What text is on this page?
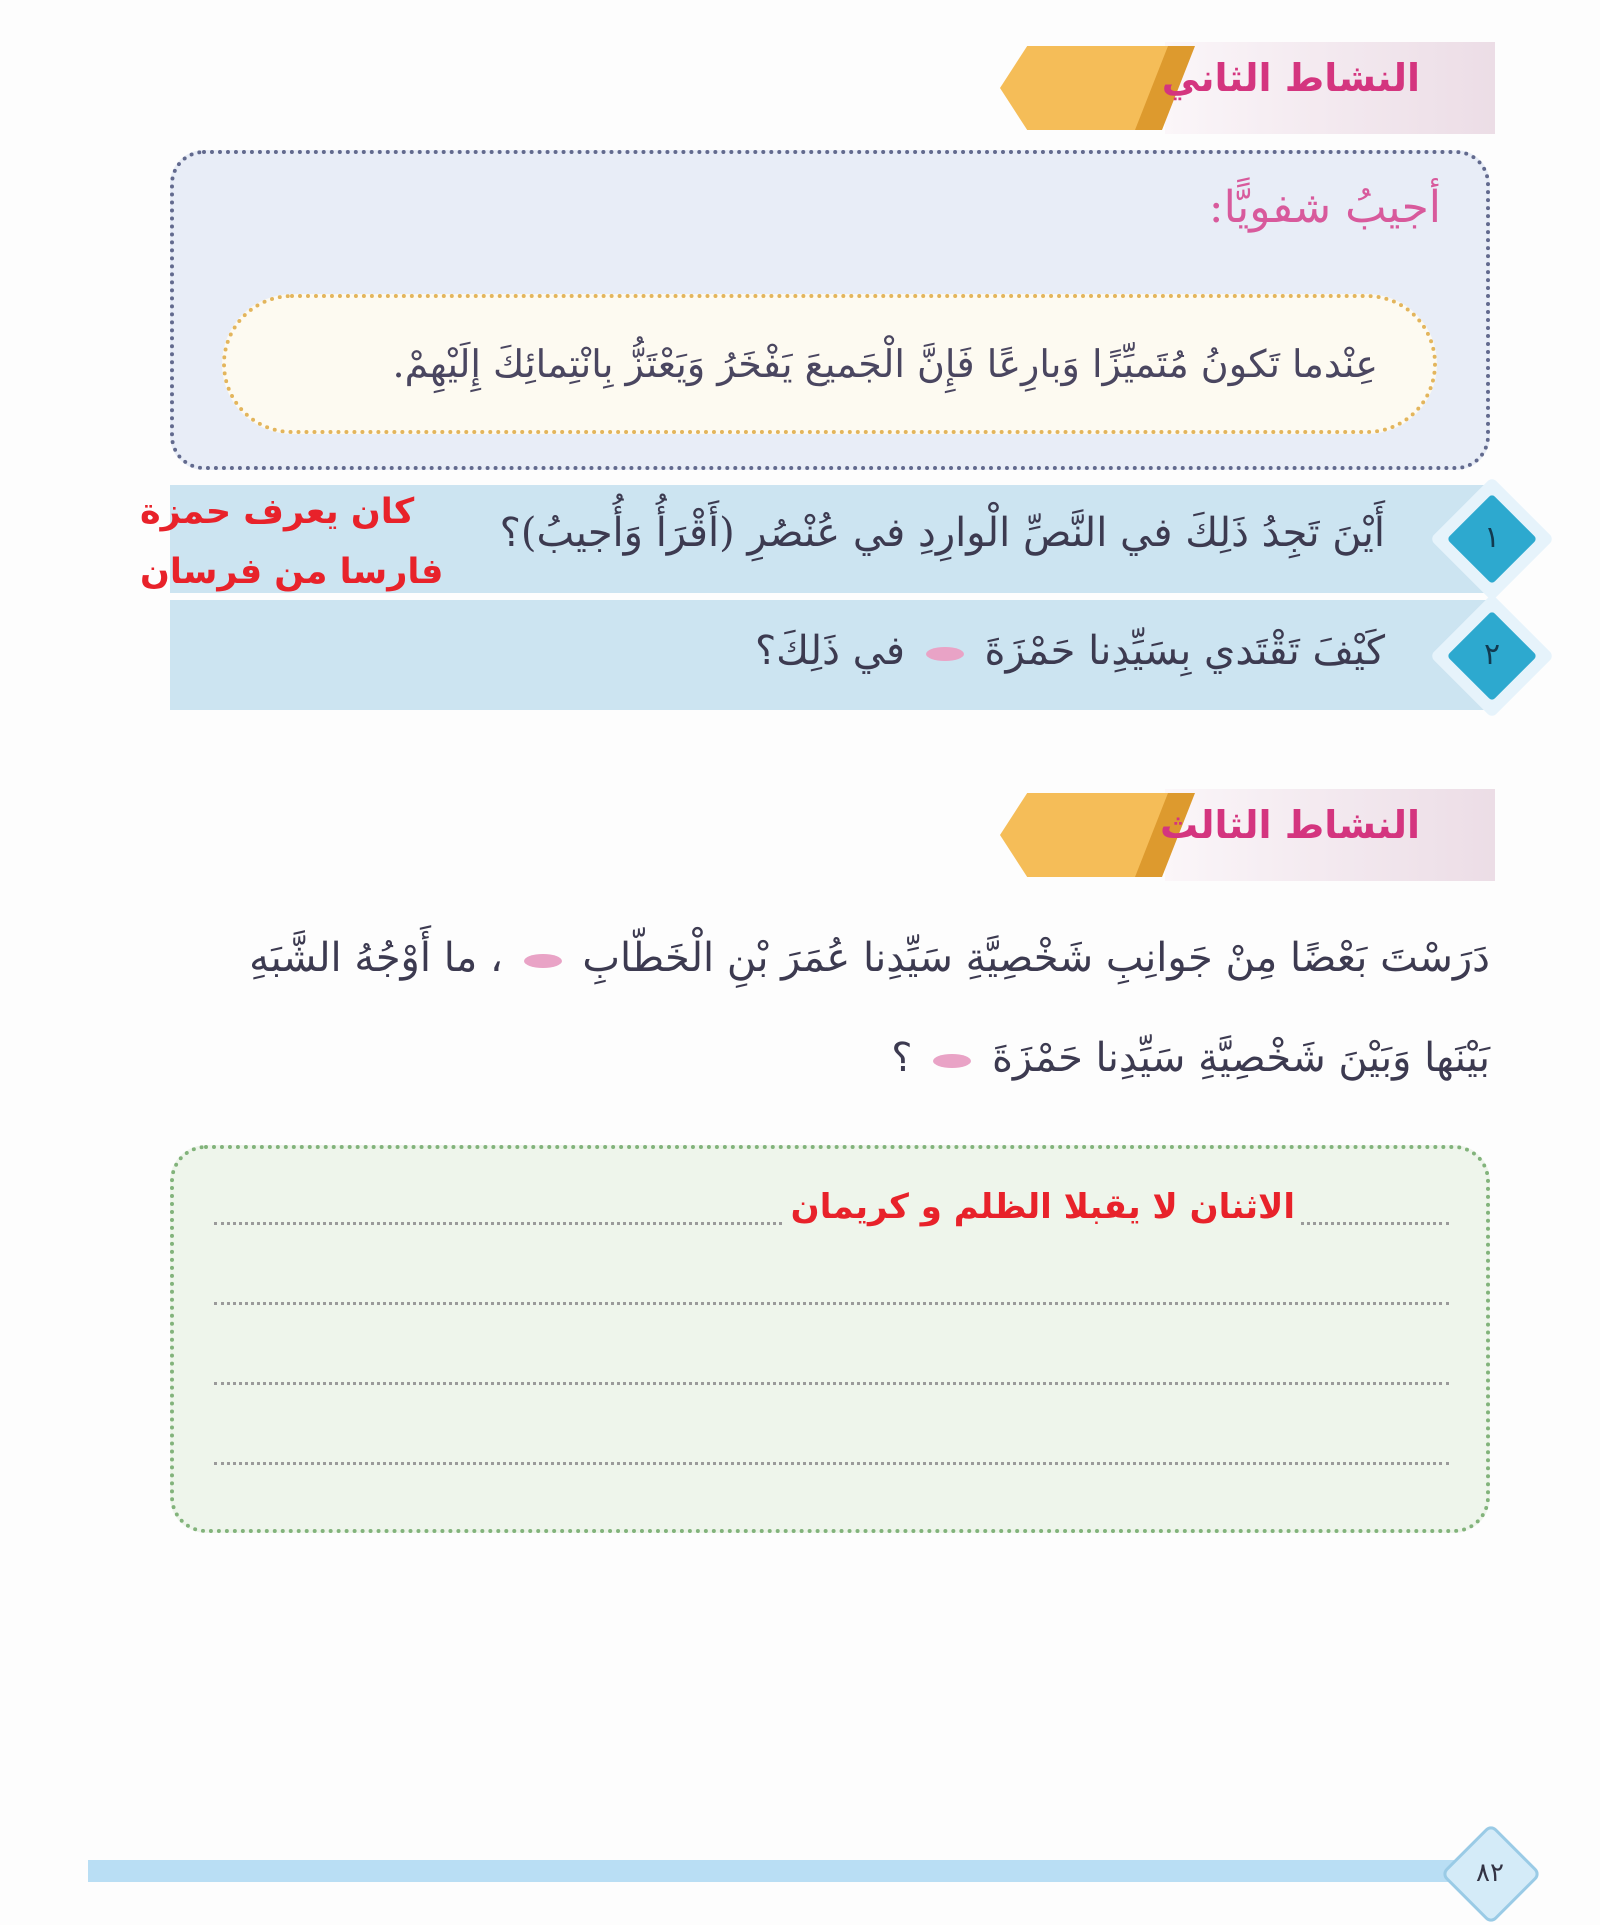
النشاط الثاني
أجيبُ شفويًّا:
عِنْدما تَكونُ مُتَميِّزًا وَبارِعًا فَإِنَّ الْجَميعَ يَفْخَرُ وَيَعْتَزُّ بِانْتِمائِكَ إِلَيْهِمْ.
١
أَيْنَ تَجِدُ ذَلِكَ في النَّصِّ الْوارِدِ في عُنْصُرِ (أَقْرَأُ وَأُجيبُ)؟
كان يعرف حمزة
فارسا من فرسان
٢
كَيْفَ تَقْتَدي بِسَيِّدِنا حَمْزَةَ  في ذَلِكَ؟
النشاط الثالث
دَرَسْتَ بَعْضًا مِنْ جَوانِبِ شَخْصِيَّةِ سَيِّدِنا عُمَرَ بْنِ الْخَطّابِ  ، ما أَوْجُهُ الشَّبَهِ
بَيْنَها وَبَيْنَ شَخْصِيَّةِ سَيِّدِنا حَمْزَةَ  ؟
الاثنان لا يقبلا الظلم و كريمان
٨٢
